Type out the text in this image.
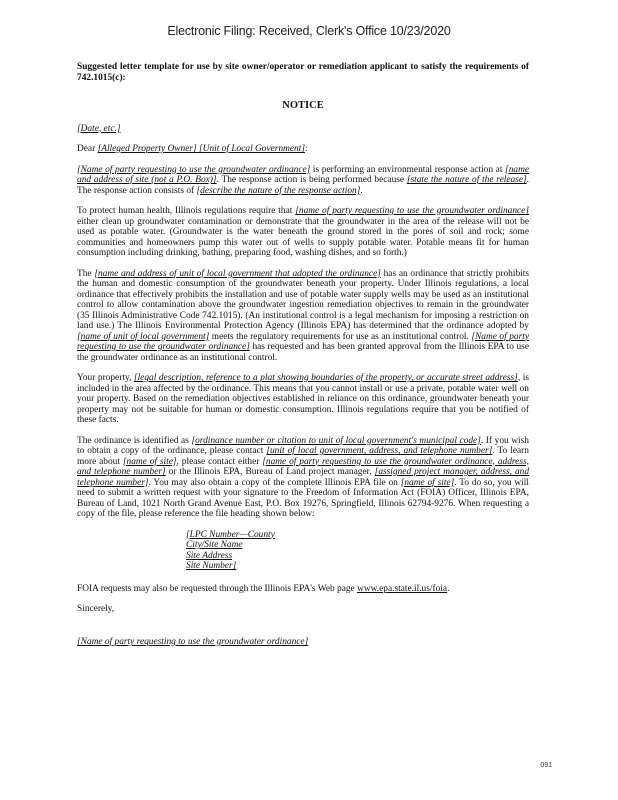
Electronic Filing: Received, Clerk's Office 10/23/2020

Suggested letter template for use by site owner/operator or remediation applicant to satisfy the requirements of 742.1015(c):

NOTICE

[Date, etc.]

Dear [Alleged Property Owner] [Unit of Local Government]:

[Name of party requesting to use the groundwater ordinance] is performing an environmental response action at [name and address of site (not a P.O. Box)]. The response action is being performed because [state the nature of the release]. The response action consists of [describe the nature of the response action].

To protect human health, Illinois regulations require that [name of party requesting to use the groundwater ordinance] either clean up groundwater contamination or demonstrate that the groundwater in the area of the release will not be used as potable water. (Groundwater is the water beneath the ground stored in the pores of soil and rock; some communities and homeowners pump this water out of wells to supply potable water. Potable means fit for human consumption including drinking, bathing, preparing food, washing dishes, and so forth.)

The [name and address of unit of local government that adopted the ordinance] has an ordinance that strictly prohibits the human and domestic consumption of the groundwater beneath your property. Under Illinois regulations, a local ordinance that effectively prohibits the installation and use of potable water supply wells may be used as an institutional control to allow contamination above the groundwater ingestion remediation objectives to remain in the groundwater (35 Illinois Administrative Code 742.1015). (An institutional control is a legal mechanism for imposing a restriction on land use.) The Illinois Environmental Protection Agency (Illinois EPA) has determined that the ordinance adopted by [name of unit of local government] meets the regulatory requirements for use as an institutional control. [Name of party requesting to use the groundwater ordinance] has requested and has been granted approval from the Illinois EPA to use the groundwater ordinance as an institutional control.

Your property, [legal description, reference to a plat showing boundaries of the property, or accurate street address], is included in the area affected by the ordinance. This means that you cannot install or use a private, potable water well on your property. Based on the remediation objectives established in reliance on this ordinance, groundwater beneath your property may not be suitable for human or domestic consumption. Illinois regulations require that you be notified of these facts.

The ordinance is identified as [ordinance number or citation to unit of local government's municipal code]. If you wish to obtain a copy of the ordinance, please contact [unit of local government, address, and telephone number]. To learn more about [name of site], please contact either [name of party requesting to use the groundwater ordinance, address, and telephone number] or the Illinois EPA, Bureau of Land project manager, [assigned project manager, address, and telephone number]. You may also obtain a copy of the complete Illinois EPA file on [name of site]. To do so, you will need to submit a written request with your signature to the Freedom of Information Act (FOIA) Officer, Illinois EPA, Bureau of Land, 1021 North Grand Avenue East, P.O. Box 19276, Springfield, Illinois 62794-9276. When requesting a copy of the file, please reference the file heading shown below:

[LPC Number—County
City/Site Name
Site Address
Site Number]

FOIA requests may also be requested through the Illinois EPA's Web page www.epa.state.il.us/foia.

Sincerely,

[Name of party requesting to use the groundwater ordinance]

091
